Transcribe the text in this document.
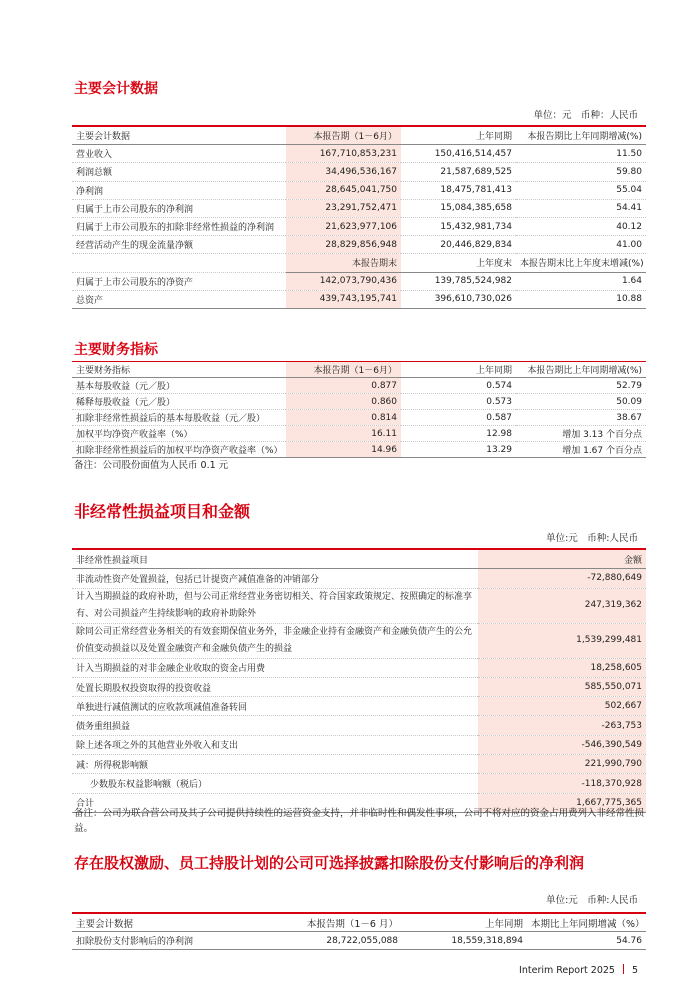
主要会计数据
单位：元　币种：人民币
主要会计数据	本报告期（1－6月）	上年同期	本报告期比上年同期增减(%)
营业收入	167,710,853,231	150,416,514,457	11.50
利润总额	34,496,536,167	21,587,689,525	59.80
净利润	28,645,041,750	18,475,781,413	55.04
归属于上市公司股东的净利润	23,291,752,471	15,084,385,658	54.41
归属于上市公司股东的扣除非经常性损益的净利润	21,623,977,106	15,432,981,734	40.12
经营活动产生的现金流量净额	28,829,856,948	20,446,829,834	41.00
	本报告期末	上年度末	本报告期末比上年度末增减(%)
归属于上市公司股东的净资产	142,073,790,436	139,785,524,982	1.64
总资产	439,743,195,741	396,610,730,026	10.88
主要财务指标
主要财务指标	本报告期（1－6月）	上年同期	本报告期比上年同期增减(%)
基本每股收益（元／股）	0.877	0.574	52.79
稀释每股收益（元／股）	0.860	0.573	50.09
扣除非经常性损益后的基本每股收益（元／股）	0.814	0.587	38.67
加权平均净资产收益率（%）	16.11	12.98	增加 3.13 个百分点
扣除非经常性损益后的加权平均净资产收益率（%）	14.96	13.29	增加 1.67 个百分点
备注：公司股份面值为人民币 0.1 元
非经常性损益项目和金额
单位:元　币种:人民币
非经常性损益项目	金额
非流动性资产处置损益，包括已计提资产减值准备的冲销部分	-72,880,649
计入当期损益的政府补助，但与公司正常经营业务密切相关、符合国家政策规定、按照确定的标准享有、对公司损益产生持续影响的政府补助除外	247,319,362
除同公司正常经营业务相关的有效套期保值业务外，非金融企业持有金融资产和金融负债产生的公允价值变动损益以及处置金融资产和金融负债产生的损益	1,539,299,481
计入当期损益的对非金融企业收取的资金占用费	18,258,605
处置长期股权投资取得的投资收益	585,550,071
单独进行减值测试的应收款项减值准备转回	502,667
债务重组损益	-263,753
除上述各项之外的其他营业外收入和支出	-546,390,549
减：所得税影响额	221,990,790
少数股东权益影响额（税后）	-118,370,928
合计	1,667,775,365
备注：公司为联合营公司及其子公司提供持续性的运营资金支持，并非临时性和偶发性事项，公司不将对应的资金占用费列入非经常性损益。
存在股权激励、员工持股计划的公司可选择披露扣除股份支付影响后的净利润
单位:元　币种:人民币
主要会计数据	本报告期（1－6 月）	上年同期	本期比上年同期增减（%）
扣除股份支付影响后的净利润	28,722,055,088	18,559,318,894	54.76
Interim Report 2025 5
